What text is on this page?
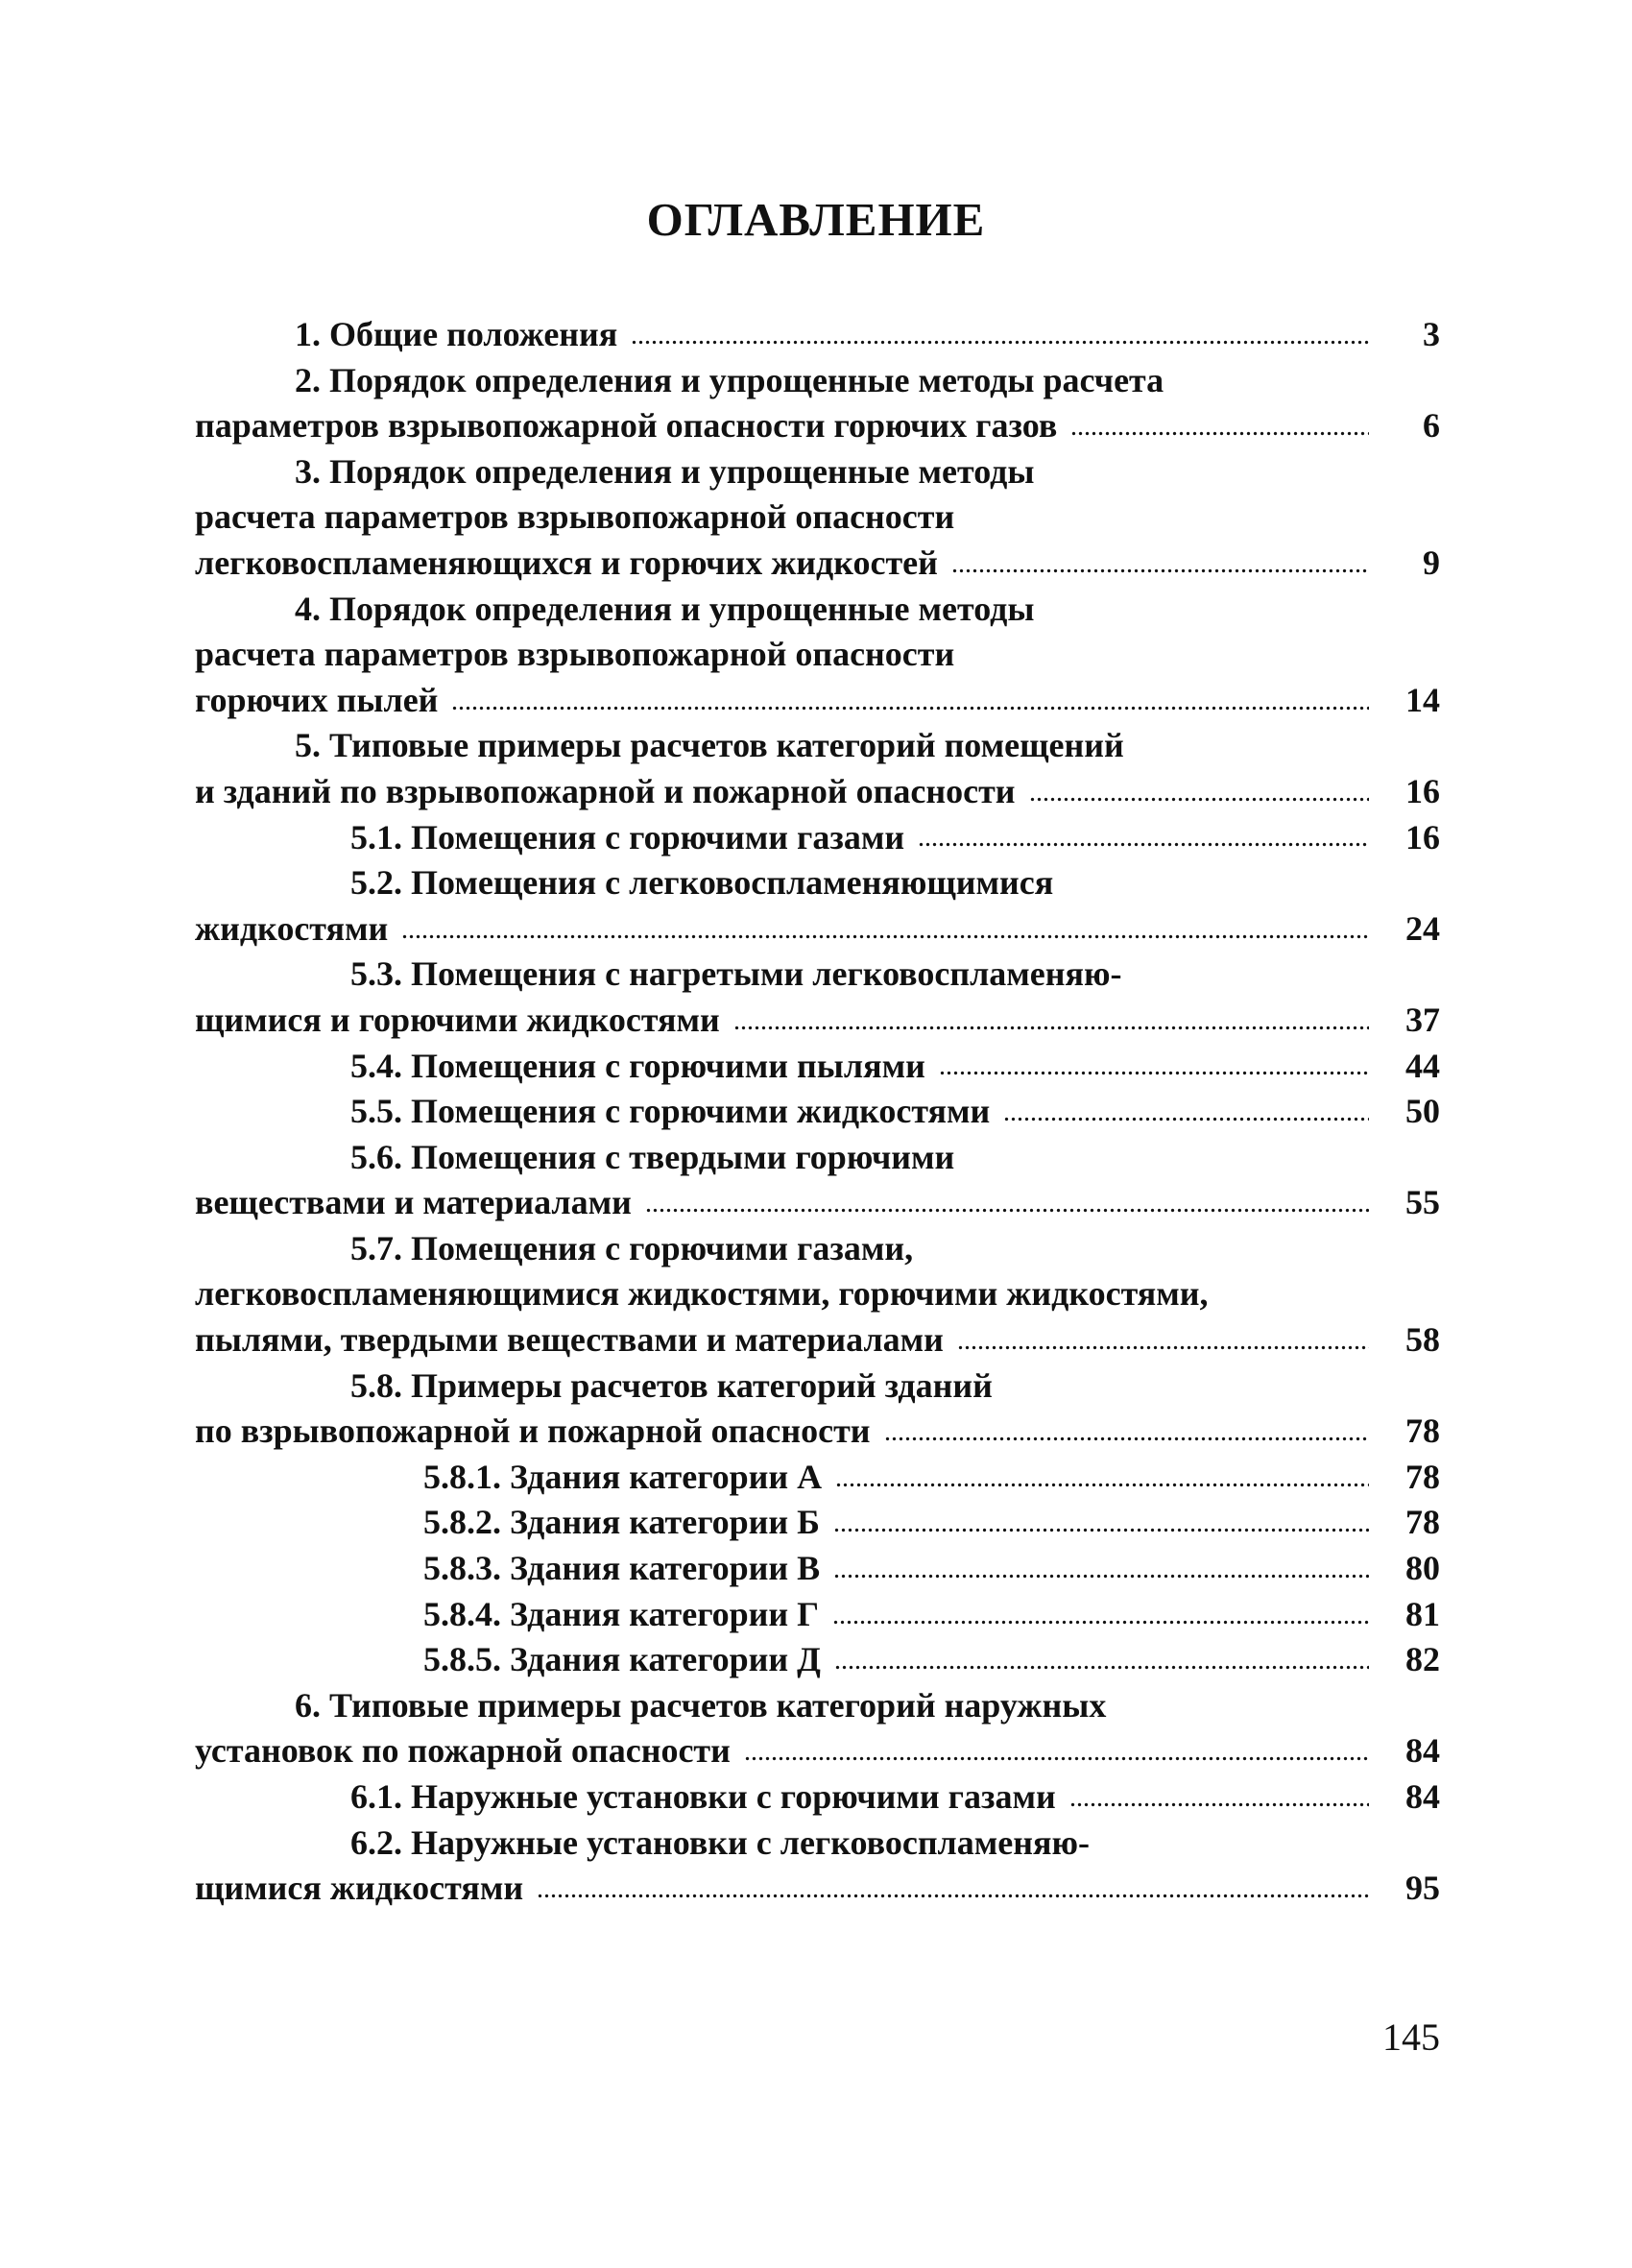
ОГЛАВЛЕНИЕ
1. Общие положения	3
2. Порядок определения и упрощенные методы расчета
параметров взрывопожарной опасности горючих газов	6
3. Порядок определения и упрощенные методы
расчета параметров взрывопожарной опасности
легковоспламеняющихся и горючих жидкостей	9
4. Порядок определения и упрощенные методы
расчета параметров взрывопожарной опасности
горючих пылей	14
5. Типовые примеры расчетов категорий помещений
и зданий по взрывопожарной и пожарной опасности	16
5.1. Помещения с горючими газами	16
5.2. Помещения с легковоспламеняющимися
жидкостями	24
5.3. Помещения с нагретыми легковоспламеняю-
щимися и горючими жидкостями	37
5.4. Помещения с горючими пылями	44
5.5. Помещения с горючими жидкостями	50
5.6. Помещения с твердыми горючими
веществами и материалами	55
5.7. Помещения с горючими газами,
легковоспламеняющимися жидкостями, горючими жидкостями,
пылями, твердыми веществами и материалами	58
5.8. Примеры расчетов категорий зданий
по взрывопожарной и пожарной опасности	78
5.8.1. Здания категории А	78
5.8.2. Здания категории Б	78
5.8.3. Здания категории В	80
5.8.4. Здания категории Г	81
5.8.5. Здания категории Д	82
6. Типовые примеры расчетов категорий наружных
установок по пожарной опасности	84
6.1. Наружные установки с горючими газами	84
6.2. Наружные установки с легковоспламеняю-
щимися жидкостями	95
145
